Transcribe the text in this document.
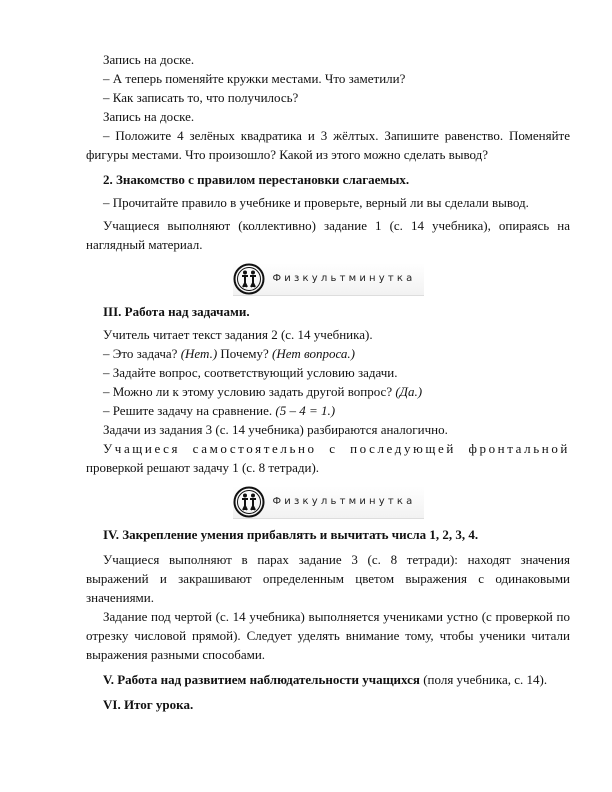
Запись на доске.

– А теперь поменяйте кружки местами. Что заметили?

– Как записать то, что получилось?

Запись на доске.

– Положите 4 зелёных квадратика и 3 жёлтых. Запишите равенство. Поменяйте фигуры местами. Что произошло? Какой из этого можно сделать вывод?

2. Знакомство с правилом перестановки слагаемых.

– Прочитайте правило в учебнике и проверьте, верный ли вы сделали вывод.

Учащиеся выполняют (коллективно) задание 1 (с. 14 учебника), опираясь на наглядный материал.

Физкультминутка

III. Работа над задачами.

Учитель читает текст задания 2 (с. 14 учебника).

– Это задача? (Нет.) Почему? (Нет вопроса.)

– Задайте вопрос, соответствующий условию задачи.

– Можно ли к этому условию задать другой вопрос? (Да.)

– Решите задачу на сравнение. (5 – 4 = 1.)

Задачи из задания 3 (с. 14 учебника) разбираются аналогично.

Учащиеся самостоятельно с последующей фронтальной проверкой решают задачу 1 (с. 8 тетради).

Физкультминутка

IV. Закрепление умения прибавлять и вычитать числа 1, 2, 3, 4.

Учащиеся выполняют в парах задание 3 (с. 8 тетради): находят значения выражений и закрашивают определенным цветом выражения с одинаковыми значениями.

Задание под чертой (с. 14 учебника) выполняется учениками устно (с проверкой по отрезку числовой прямой). Следует уделять внимание тому, чтобы ученики читали выражения разными способами.

V. Работа над развитием наблюдательности учащихся (поля учебника, с. 14).

VI. Итог урока.
